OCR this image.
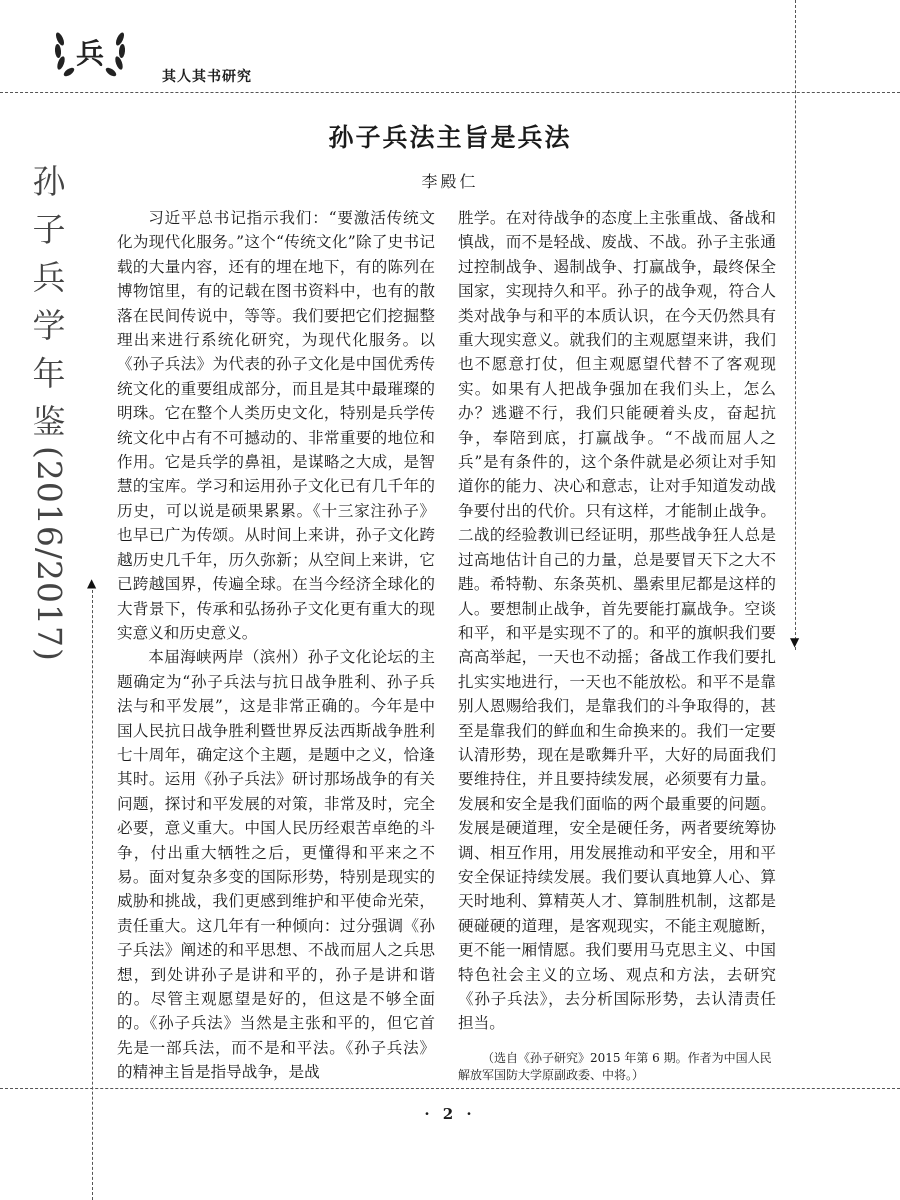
▲
▼
兵
其人其书研究
孙子兵法主旨是兵法
李殿仁
孙
子
兵
学
年
鉴
(2016/2017)

习近平总书记指示我们：“要激活传统文化为现代化服务。”这个“传统文化”除了史书记载的大量内容，还有的埋在地下，有的陈列在博物馆里，有的记载在图书资料中，也有的散落在民间传说中，等等。我们要把它们挖掘整理出来进行系统化研究，为现代化服务。以《孙子兵法》为代表的孙子文化是中国优秀传统文化的重要组成部分，而且是其中最璀璨的明珠。它在整个人类历史文化，特别是兵学传统文化中占有不可撼动的、非常重要的地位和作用。它是兵学的鼻祖，是谋略之大成，是智慧的宝库。学习和运用孙子文化已有几千年的历史，可以说是硕果累累。《十三家注孙子》也早已广为传颂。从时间上来讲，孙子文化跨越历史几千年，历久弥新；从空间上来讲，它已跨越国界，传遍全球。在当今经济全球化的大背景下，传承和弘扬孙子文化更有重大的现实意义和历史意义。

本届海峡两岸（滨州）孙子文化论坛的主题确定为“孙子兵法与抗日战争胜利、孙子兵法与和平发展”，这是非常正确的。今年是中国人民抗日战争胜利暨世界反法西斯战争胜利七十周年，确定这个主题，是题中之义，恰逢其时。运用《孙子兵法》研讨那场战争的有关问题，探讨和平发展的对策，非常及时，完全必要，意义重大。中国人民历经艰苦卓绝的斗争，付出重大牺牲之后，更懂得和平来之不易。面对复杂多变的国际形势，特别是现实的威胁和挑战，我们更感到维护和平使命光荣，责任重大。这几年有一种倾向：过分强调《孙子兵法》阐述的和平思想、不战而屈人之兵思想，到处讲孙子是讲和平的，孙子是讲和谐的。尽管主观愿望是好的，但这是不够全面的。《孙子兵法》当然是主张和平的，但它首先是一部兵法，而不是和平法。《孙子兵法》的精神主旨是指导战争，是战

胜学。在对待战争的态度上主张重战、备战和慎战，而不是轻战、废战、不战。孙子主张通过控制战争、遏制战争、打赢战争，最终保全国家，实现持久和平。孙子的战争观，符合人类对战争与和平的本质认识，在今天仍然具有重大现实意义。就我们的主观愿望来讲，我们也不愿意打仗，但主观愿望代替不了客观现实。如果有人把战争强加在我们头上，怎么办？逃避不行，我们只能硬着头皮，奋起抗争，奉陪到底，打赢战争。“不战而屈人之兵”是有条件的，这个条件就是必须让对手知道你的能力、决心和意志，让对手知道发动战争要付出的代价。只有这样，才能制止战争。二战的经验教训已经证明，那些战争狂人总是过高地估计自己的力量，总是要冒天下之大不韪。希特勒、东条英机、墨索里尼都是这样的人。要想制止战争，首先要能打赢战争。空谈和平，和平是实现不了的。和平的旗帜我们要高高举起，一天也不动摇；备战工作我们要扎扎实实地进行，一天也不能放松。和平不是靠别人恩赐给我们，是靠我们的斗争取得的，甚至是靠我们的鲜血和生命换来的。我们一定要认清形势，现在是歌舞升平，大好的局面我们要维持住，并且要持续发展，必须要有力量。发展和安全是我们面临的两个最重要的问题。发展是硬道理，安全是硬任务，两者要统筹协调、相互作用，用发展推动和平安全，用和平安全保证持续发展。我们要认真地算人心、算天时地利、算精英人才、算制胜机制，这都是硬碰硬的道理，是客观现实，不能主观臆断，更不能一厢情愿。我们要用马克思主义、中国特色社会主义的立场、观点和方法，去研究《孙子兵法》，去分析国际形势，去认清责任担当。

（选自《孙子研究》2015 年第 6 期。作者为中国人民解放军国防大学原副政委、中将。）
· 2 ·
